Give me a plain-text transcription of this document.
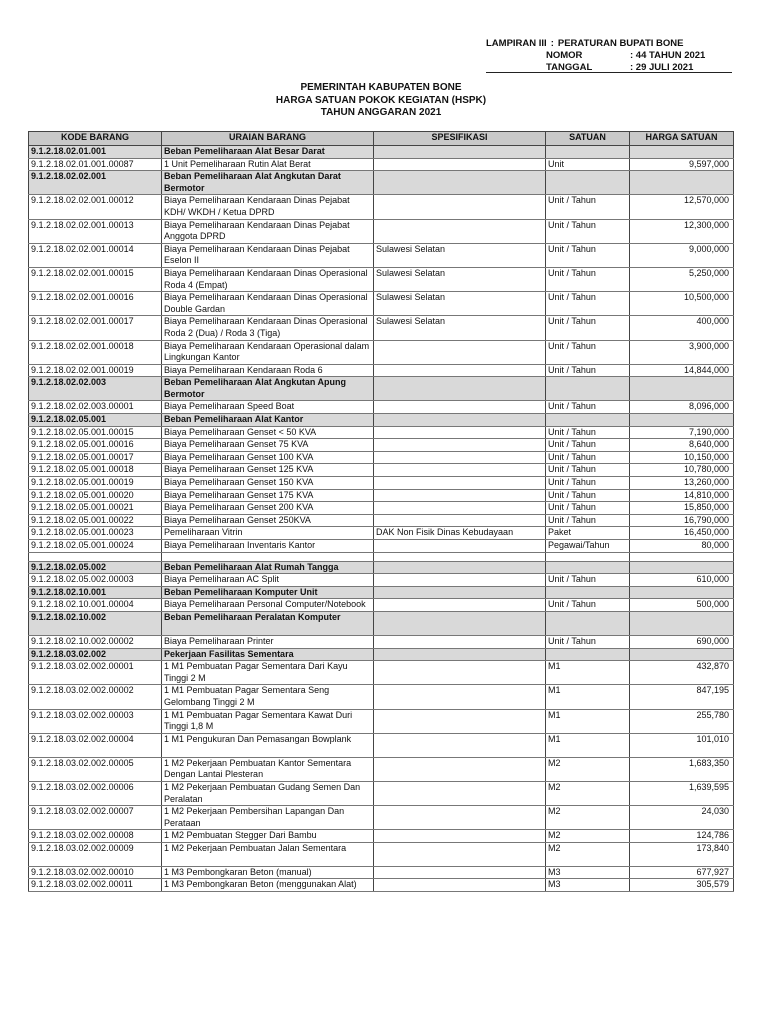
LAMPIRAN III : PERATURAN BUPATI BONE
NOMOR	: 44 TAHUN 2021
TANGGAL	: 29 JULI 2021
PEMERINTAH KABUPATEN BONE
HARGA SATUAN POKOK KEGIATAN (HSPK)
TAHUN ANGGARAN 2021
KODE BARANG	URAIAN BARANG	SPESIFIKASI	SATUAN	HARGA SATUAN
9.1.2.18.02.01.001	Beban Pemeliharaan Alat Besar Darat			
9.1.2.18.02.01.001.00087	1 Unit Pemeliharaan Rutin Alat Berat		Unit	9,597,000
9.1.2.18.02.02.001	Beban Pemeliharaan Alat Angkutan Darat Bermotor			
9.1.2.18.02.02.001.00012	Biaya Pemeliharaan Kendaraan Dinas Pejabat KDH/ WKDH / Ketua DPRD		Unit / Tahun	12,570,000
9.1.2.18.02.02.001.00013	Biaya Pemeliharaan Kendaraan Dinas Pejabat Anggota DPRD		Unit / Tahun	12,300,000
9.1.2.18.02.02.001.00014	Biaya Pemeliharaan Kendaraan Dinas Pejabat Eselon II	Sulawesi Selatan	Unit / Tahun	9,000,000
9.1.2.18.02.02.001.00015	Biaya Pemeliharaan Kendaraan Dinas Operasional Roda 4 (Empat)	Sulawesi Selatan	Unit / Tahun	5,250,000
9.1.2.18.02.02.001.00016	Biaya Pemeliharaan Kendaraan Dinas Operasional Double Gardan	Sulawesi Selatan	Unit / Tahun	10,500,000
9.1.2.18.02.02.001.00017	Biaya Pemeliharaan Kendaraan Dinas Operasional Roda 2 (Dua) / Roda 3 (Tiga)	Sulawesi Selatan	Unit / Tahun	400,000
9.1.2.18.02.02.001.00018	Biaya Pemeliharaan Kendaraan Operasional dalam Lingkungan Kantor		Unit / Tahun	3,900,000
9.1.2.18.02.02.001.00019	Biaya Pemeliharaan Kendaraan Roda 6		Unit / Tahun	14,844,000
9.1.2.18.02.02.003	Beban Pemeliharaan Alat Angkutan Apung Bermotor			
9.1.2.18.02.02.003.00001	Biaya Pemeliharaan Speed Boat		Unit / Tahun	8,096,000
9.1.2.18.02.05.001	Beban Pemeliharaan Alat Kantor			
9.1.2.18.02.05.001.00015	Biaya Pemeliharaan Genset < 50 KVA		Unit / Tahun	7,190,000
9.1.2.18.02.05.001.00016	Biaya Pemeliharaan Genset 75 KVA		Unit / Tahun	8,640,000
9.1.2.18.02.05.001.00017	Biaya Pemeliharaan Genset 100 KVA		Unit / Tahun	10,150,000
9.1.2.18.02.05.001.00018	Biaya Pemeliharaan Genset 125 KVA		Unit / Tahun	10,780,000
9.1.2.18.02.05.001.00019	Biaya Pemeliharaan Genset 150 KVA		Unit / Tahun	13,260,000
9.1.2.18.02.05.001.00020	Biaya Pemeliharaan Genset 175 KVA		Unit / Tahun	14,810,000
9.1.2.18.02.05.001.00021	Biaya Pemeliharaan Genset 200 KVA		Unit / Tahun	15,850,000
9.1.2.18.02.05.001.00022	Biaya Pemeliharaan Genset 250KVA		Unit / Tahun	16,790,000
9.1.2.18.02.05.001.00023	Pemeliharaan Vitrin	DAK Non Fisik Dinas Kebudayaan	Paket	16,450,000
9.1.2.18.02.05.001.00024	Biaya Pemeliharaan Inventaris Kantor		Pegawai/Tahun	80,000

9.1.2.18.02.05.002	Beban Pemeliharaan Alat Rumah Tangga			
9.1.2.18.02.05.002.00003	Biaya Pemeliharaan AC Split		Unit / Tahun	610,000
9.1.2.18.02.10.001	Beban Pemeliharaan Komputer Unit			
9.1.2.18.02.10.001.00004	Biaya Pemeliharaan Personal Computer/Notebook		Unit / Tahun	500,000
9.1.2.18.02.10.002	Beban Pemeliharaan Peralatan Komputer			
9.1.2.18.02.10.002.00002	Biaya Pemeliharaan Printer		Unit / Tahun	690,000
9.1.2.18.03.02.002	Pekerjaan Fasilitas Sementara			
9.1.2.18.03.02.002.00001	1 M1 Pembuatan Pagar Sementara Dari Kayu Tinggi 2 M		M1	432,870
9.1.2.18.03.02.002.00002	1 M1 Pembuatan Pagar Sementara Seng Gelombang Tinggi 2 M		M1	847,195
9.1.2.18.03.02.002.00003	1 M1 Pembuatan Pagar Sementara Kawat Duri Tinggi 1,8 M		M1	255,780
9.1.2.18.03.02.002.00004	1 M1 Pengukuran Dan Pemasangan Bowplank		M1	101,010
9.1.2.18.03.02.002.00005	1 M2 Pekerjaan Pembuatan Kantor Sementara Dengan Lantai Plesteran		M2	1,683,350
9.1.2.18.03.02.002.00006	1 M2 Pekerjaan Pembuatan Gudang Semen Dan Peralatan		M2	1,639,595
9.1.2.18.03.02.002.00007	1 M2 Pekerjaan Pembersihan Lapangan Dan Perataan		M2	24,030
9.1.2.18.03.02.002.00008	1 M2 Pembuatan Stegger Dari Bambu		M2	124,786
9.1.2.18.03.02.002.00009	1 M2 Pekerjaan Pembuatan Jalan Sementara		M2	173,840
9.1.2.18.03.02.002.00010	1 M3 Pembongkaran Beton (manual)		M3	677,927
9.1.2.18.03.02.002.00011	1 M3 Pembongkaran Beton (menggunakan Alat)		M3	305,579
